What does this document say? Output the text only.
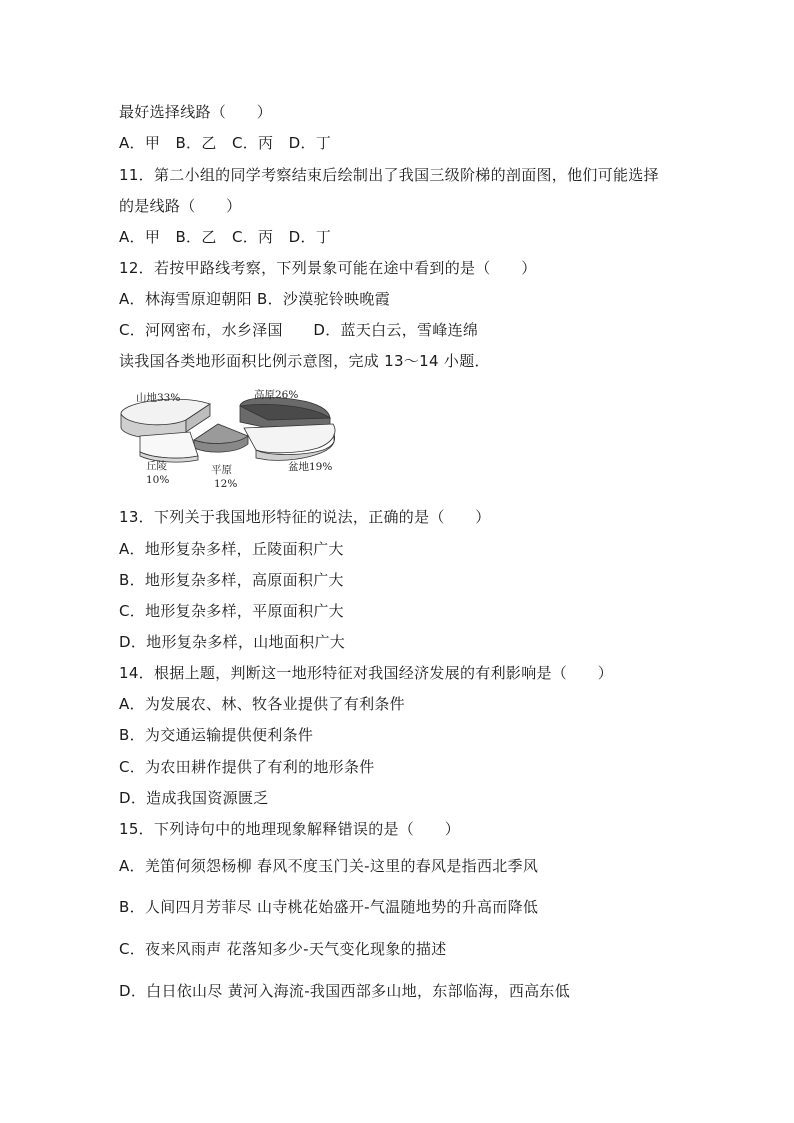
最好选择线路（　　）
A．甲　B．乙　C．丙　D．丁
11．第二小组的同学考察结束后绘制出了我国三级阶梯的剖面图，他们可能选择
的是线路（　　）
A．甲　B．乙　C．丙　D．丁
12．若按甲路线考察，下列景象可能在途中看到的是（　　）
A．林海雪原迎朝阳 B．沙漠驼铃映晚霞
C．河网密布，水乡泽国　　D．蓝天白云，雪峰连绵
读我国各类地形面积比例示意图，完成 13～14 小题．
山地33%	高原26%
盆地19%
平原
12%
丘陵
10%
13．下列关于我国地形特征的说法，正确的是（　　）
A．地形复杂多样，丘陵面积广大
B．地形复杂多样，高原面积广大
C．地形复杂多样，平原面积广大
D．地形复杂多样，山地面积广大
14．根据上题，判断这一地形特征对我国经济发展的有利影响是（　　）
A．为发展农、林、牧各业提供了有利条件
B．为交通运输提供便利条件
C．为农田耕作提供了有利的地形条件
D．造成我国资源匮乏
15．下列诗句中的地理现象解释错误的是（　　）
A．羌笛何须怨杨柳 春风不度玉门关-这里的春风是指西北季风
B．人间四月芳菲尽 山寺桃花始盛开-气温随地势的升高而降低
C．夜来风雨声 花落知多少-天气变化现象的描述
D．白日依山尽 黄河入海流-我国西部多山地，东部临海，西高东低
